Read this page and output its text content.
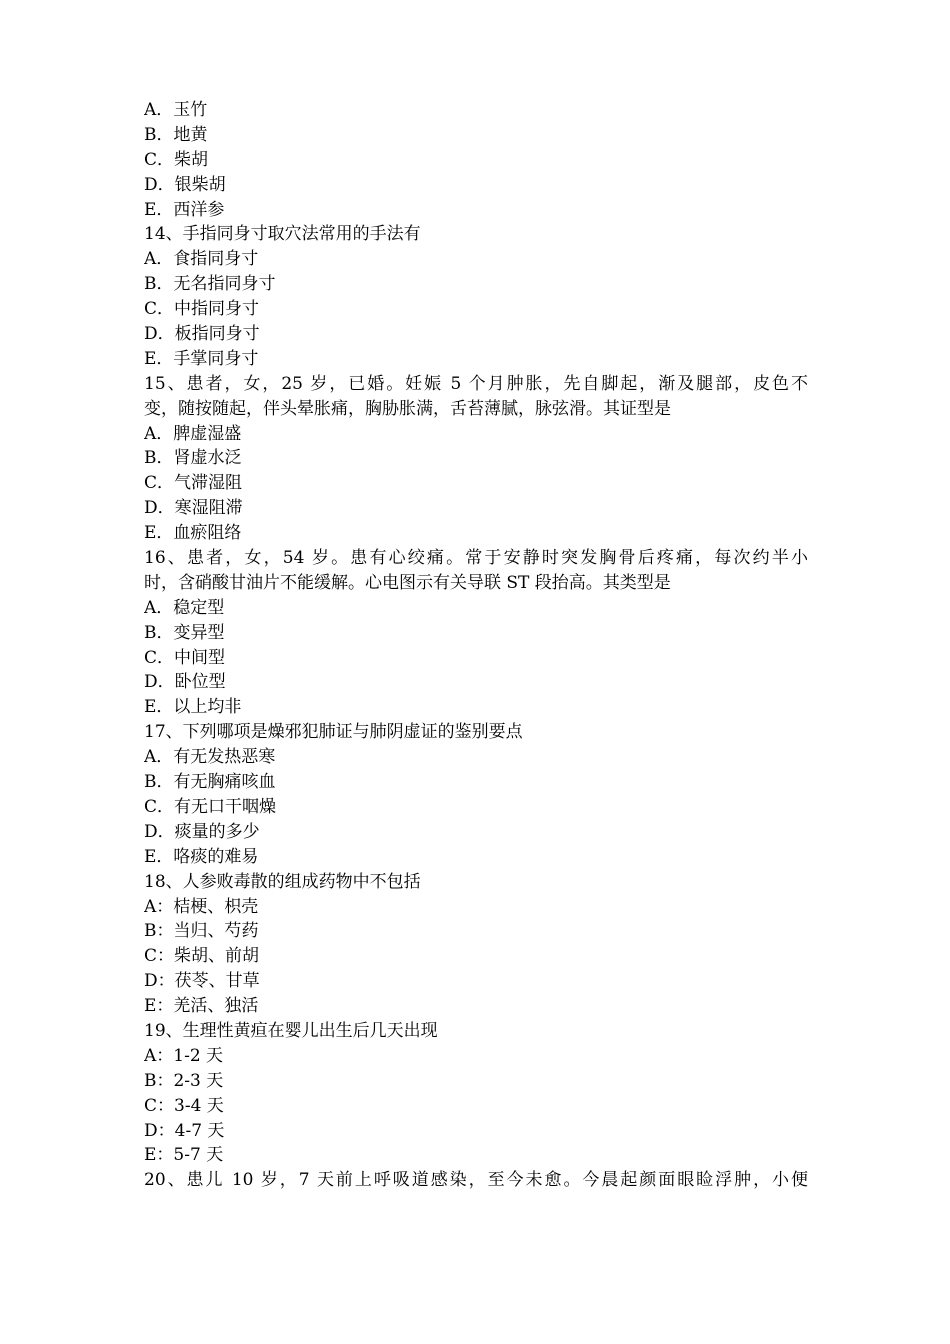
A．玉竹
B．地黄
C．柴胡
D．银柴胡
E．西洋参
14、手指同身寸取穴法常用的手法有
A．食指同身寸
B．无名指同身寸
C．中指同身寸
D．板指同身寸
E．手掌同身寸
15、患者，女，25 岁，已婚。妊娠 5 个月肿胀，先自脚起，渐及腿部，皮色不
变，随按随起，伴头晕胀痛，胸胁胀满，舌苔薄腻，脉弦滑。其证型是
A．脾虚湿盛
B．肾虚水泛
C．气滞湿阻
D．寒湿阻滞
E．血瘀阻络
16、患者，女，54 岁。患有心绞痛。常于安静时突发胸骨后疼痛，每次约半小
时，含硝酸甘油片不能缓解。心电图示有关导联 ST 段抬高。其类型是
A．稳定型
B．变异型
C．中间型
D．卧位型
E．以上均非
17、下列哪项是燥邪犯肺证与肺阴虚证的鉴别要点
A．有无发热恶寒
B．有无胸痛咳血
C．有无口干咽燥
D．痰量的多少
E．咯痰的难易
18、人参败毒散的组成药物中不包括
A：桔梗、枳壳
B：当归、芍药
C：柴胡、前胡
D：茯苓、甘草
E：羌活、独活
19、生理性黄疸在婴儿出生后几天出现
A：1-2 天
B：2-3 天
C：3-4 天
D：4-7 天
E：5-7 天
20、患儿 10 岁，7 天前上呼吸道感染，至今未愈。今晨起颜面眼睑浮肿，小便
